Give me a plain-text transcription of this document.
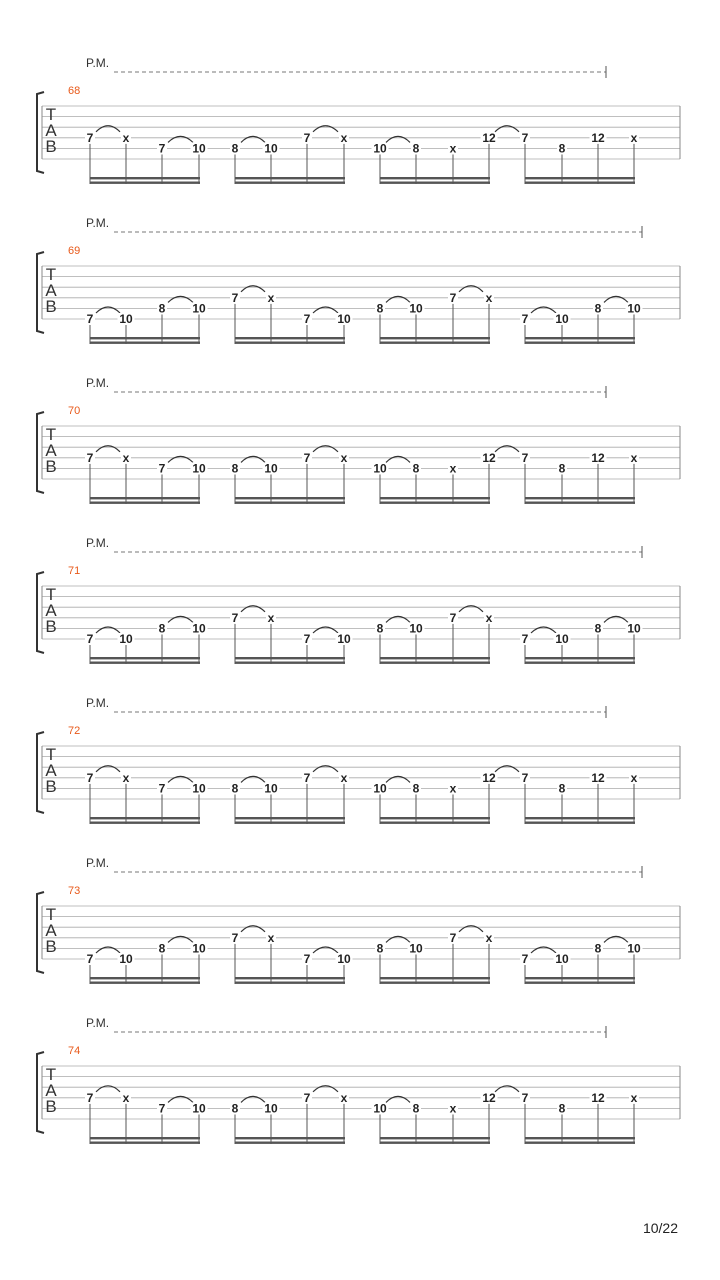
P.M.
68
T
A
B 7 x
7 10 8 10
7	x
10 8	x
12 7
8
12 x
P.M.
69
T
A
B
7 10
8 10
7 x
7 10
8 10
7 x
7 10
8 10
P.M.
70
T
A
B 7 x
7 10 8 10
7	x
10 8	x
12 7
8
12 x
P.M.
71
T
A
B
7 10
8 10
7 x
7 10
8 10
7 x
7 10
8 10
P.M.
72
T
A
B 7 x
7 10 8 10
7	x
10 8	x
12 7
8
12 x
P.M.
73
T
A
B
7 10
8 10
7 x
7 10
8 10
7 x
7 10
8 10
P.M.
74
T
A
B 7 x
7 10 8 10
7	x
10 8	x
12 7
8
12 x
10/22
